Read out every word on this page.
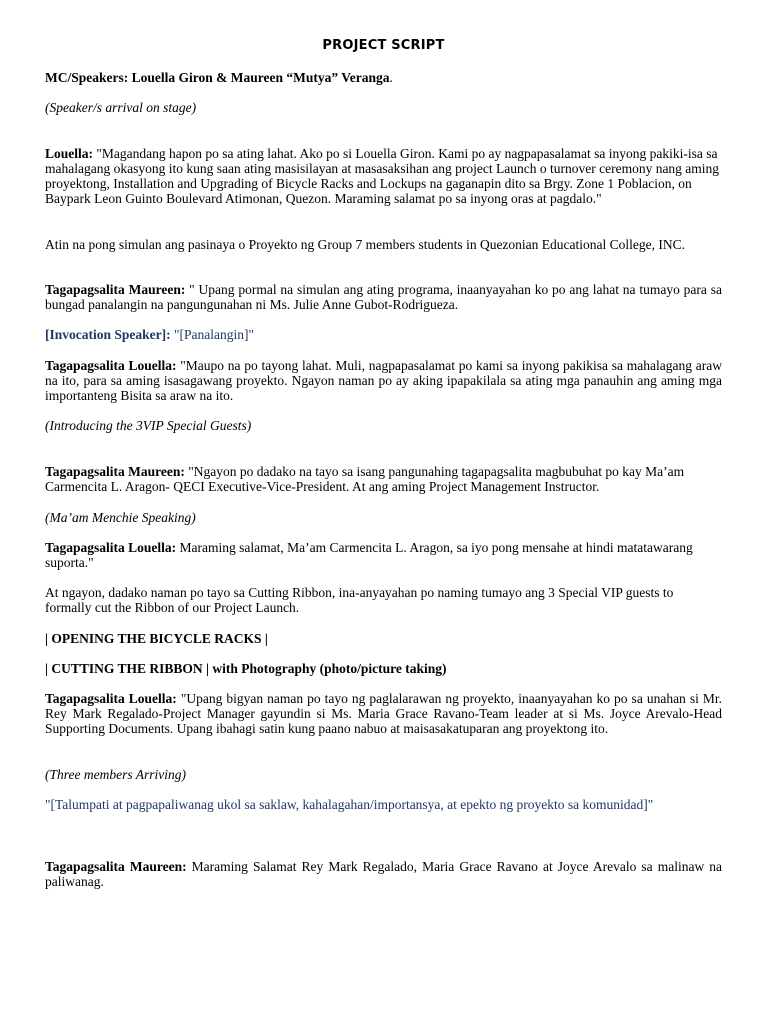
PROJECT SCRIPT

MC/Speakers: Louella Giron & Maureen “Mutya” Veranga.

(Speaker/s arrival on stage)

Louella: "Magandang hapon po sa ating lahat. Ako po si Louella Giron. Kami po ay nagpapasalamat sa inyong pakiki-isa sa mahalagang okasyong ito kung saan ating masisilayan at masasaksihan ang project Launch o turnover ceremony nang aming proyektong, Installation and Upgrading of Bicycle Racks and Lockups na gaganapin dito sa Brgy. Zone 1 Poblacion, on Baypark Leon Guinto Boulevard Atimonan, Quezon. Maraming salamat po sa inyong oras at pagdalo."

Atin na pong simulan ang pasinaya o Proyekto ng Group 7 members students in Quezonian Educational College, INC.

Tagapagsalita Maureen: " Upang pormal na simulan ang ating programa, inaanyayahan ko po ang lahat na tumayo para sa bungad panalangin na pangungunahan ni Ms. Julie Anne Gubot-Rodrigueza.

[Invocation Speaker]: "[Panalangin]"

Tagapagsalita Louella: "Maupo na po tayong lahat. Muli, nagpapasalamat po kami sa inyong pakikisa sa mahalagang araw na ito, para sa aming isasagawang proyekto. Ngayon naman po ay aking ipapakilala sa ating mga panauhin ang aming mga importanteng Bisita sa araw na ito.

(Introducing the 3VIP Special Guests)

Tagapagsalita Maureen: "Ngayon po dadako na tayo sa isang pangunahing tagapagsalita magbubuhat po kay Ma’am Carmencita L. Aragon- QECI Executive-Vice-President. At ang aming Project Management Instructor.

(Ma’am Menchie Speaking)

Tagapagsalita Louella: Maraming salamat, Ma’am Carmencita L. Aragon, sa iyo pong mensahe at hindi matatawarang suporta."

At ngayon, dadako naman po tayo sa Cutting Ribbon, ina-anyayahan po naming tumayo ang 3 Special VIP guests to formally cut the Ribbon of our Project Launch.

| OPENING THE BICYCLE RACKS |

| CUTTING THE RIBBON | with Photography (photo/picture taking)

Tagapagsalita Louella: "Upang bigyan naman po tayo ng paglalarawan ng proyekto, inaanyayahan ko po sa unahan si Mr. Rey Mark Regalado-Project Manager gayundin si Ms. Maria Grace Ravano-Team leader at si Ms. Joyce Arevalo-Head Supporting Documents. Upang ibahagi satin kung paano nabuo at maisasakatuparan ang proyektong ito.

(Three members Arriving)

"[Talumpati at pagpapaliwanag ukol sa saklaw, kahalagahan/importansya, at epekto ng proyekto sa komunidad]"

Tagapagsalita Maureen: Maraming Salamat Rey Mark Regalado, Maria Grace Ravano at Joyce Arevalo sa malinaw na paliwanag.
